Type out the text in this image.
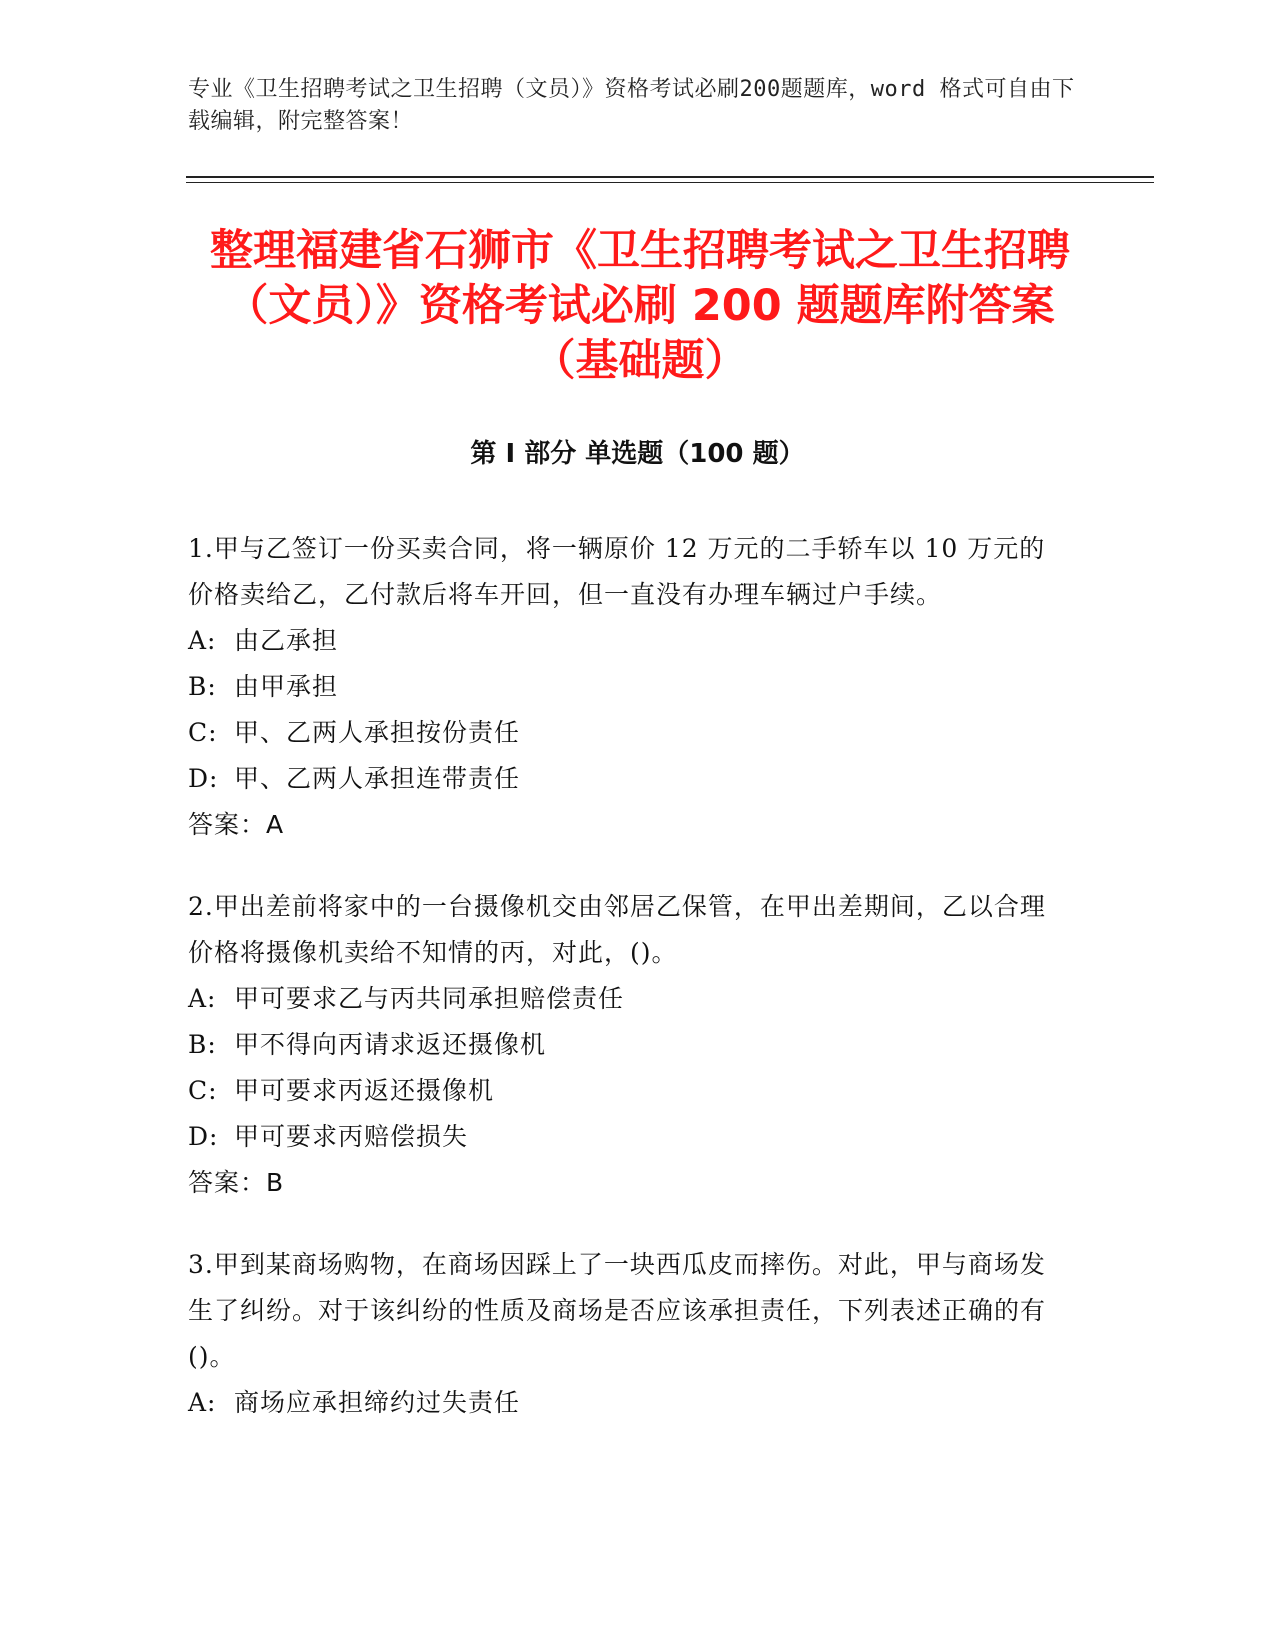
专业《卫生招聘考试之卫生招聘（文员）》资格考试必刷200题题库，word 格式可自由下载编辑，附完整答案！
整理福建省石狮市《卫生招聘考试之卫生招聘（文员）》资格考试必刷 200 题题库附答案（基础题）
第 I 部分 单选题（100 题）

1.甲与乙签订一份买卖合同，将一辆原价 12 万元的二手轿车以 10 万元的价格卖给乙，乙付款后将车开回，但一直没有办理车辆过户手续。

A: 由乙承担
B: 由甲承担
C: 甲、乙两人承担按份责任
D: 甲、乙两人承担连带责任
答案：A

2.甲出差前将家中的一台摄像机交由邻居乙保管，在甲出差期间，乙以合理价格将摄像机卖给不知情的丙，对此，()。

A: 甲可要求乙与丙共同承担赔偿责任
B: 甲不得向丙请求返还摄像机
C: 甲可要求丙返还摄像机
D: 甲可要求丙赔偿损失
答案：B

3.甲到某商场购物，在商场因踩上了一块西瓜皮而摔伤。对此，甲与商场发生了纠纷。对于该纠纷的性质及商场是否应该承担责任，下列表述正确的有()。

A: 商场应承担缔约过失责任
